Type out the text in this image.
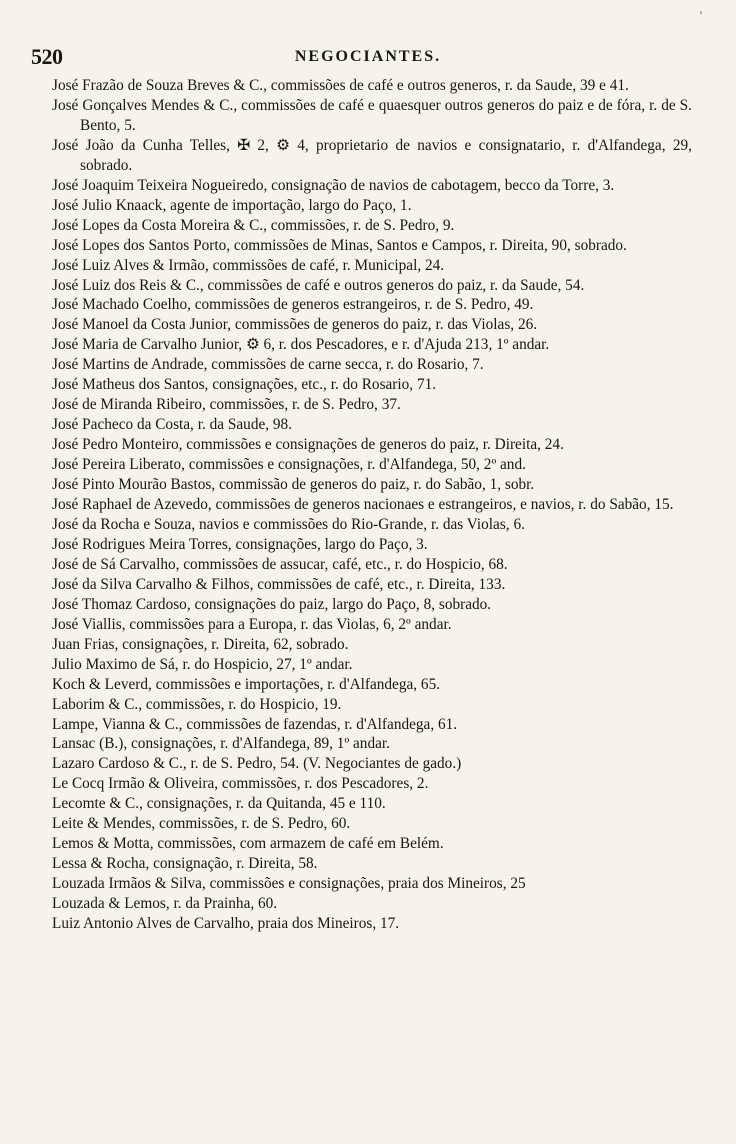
'
520	NEGOCIANTES.
José Frazão de Souza Breves & C., commissões de café e outros generos, r. da Saude, 39 e 41.
José Gonçalves Mendes & C., commissões de café e quaesquer outros generos do paiz e de fóra, r. de S. Bento, 5.
José João da Cunha Telles, ✠ 2, ⚙ 4, proprietario de navios e consignatario, r. d'Alfandega, 29, sobrado.
José Joaquim Teixeira Nogueiredo, consignação de navios de cabotagem, becco da Torre, 3.
José Julio Knaack, agente de importação, largo do Paço, 1.
José Lopes da Costa Moreira & C., commissões, r. de S. Pedro, 9.
José Lopes dos Santos Porto, commissões de Minas, Santos e Campos, r. Direita, 90, sobrado.
José Luiz Alves & Irmão, commissões de café, r. Municipal, 24.
José Luiz dos Reis & C., commissões de café e outros generos do paiz, r. da Saude, 54.
José Machado Coelho, commissões de generos estrangeiros, r. de S. Pedro, 49.
José Manoel da Costa Junior, commissões de generos do paiz, r. das Violas, 26.
José Maria de Carvalho Junior, ⚙ 6, r. dos Pescadores, e r. d'Ajuda 213, 1º andar.
José Martins de Andrade, commissões de carne secca, r. do Rosario, 7.
José Matheus dos Santos, consignações, etc., r. do Rosario, 71.
José de Miranda Ribeiro, commissões, r. de S. Pedro, 37.
José Pacheco da Costa, r. da Saude, 98.
José Pedro Monteiro, commissões e consignações de generos do paiz, r. Direita, 24.
José Pereira Liberato, commissões e consignações, r. d'Alfandega, 50, 2º and.
José Pinto Mourão Bastos, commissão de generos do paiz, r. do Sabão, 1, sobr.
José Raphael de Azevedo, commissões de generos nacionaes e estrangeiros, e navios, r. do Sabão, 15.
José da Rocha e Souza, navios e commissões do Rio-Grande, r. das Violas, 6.
José Rodrigues Meira Torres, consignações, largo do Paço, 3.
José de Sá Carvalho, commissões de assucar, café, etc., r. do Hospicio, 68.
José da Silva Carvalho & Filhos, commissões de café, etc., r. Direita, 133.
José Thomaz Cardoso, consignações do paiz, largo do Paço, 8, sobrado.
José Viallis, commissões para a Europa, r. das Violas, 6, 2º andar.
Juan Frias, consignações, r. Direita, 62, sobrado.
Julio Maximo de Sá, r. do Hospicio, 27, 1º andar.
Koch & Leverd, commissões e importações, r. d'Alfandega, 65.
Laborim & C., commissões, r. do Hospicio, 19.
Lampe, Vianna & C., commissões de fazendas, r. d'Alfandega, 61.
Lansac (B.), consignações, r. d'Alfandega, 89, 1º andar.
Lazaro Cardoso & C., r. de S. Pedro, 54. (V. Negociantes de gado.)
Le Cocq Irmão & Oliveira, commissões, r. dos Pescadores, 2.
Lecomte & C., consignações, r. da Quitanda, 45 e 110.
Leite & Mendes, commissões, r. de S. Pedro, 60.
Lemos & Motta, commissões, com armazem de café em Belém.
Lessa & Rocha, consignação, r. Direita, 58.
Louzada Irmãos & Silva, commissões e consignações, praia dos Mineiros, 25
Louzada & Lemos, r. da Prainha, 60.
Luiz Antonio Alves de Carvalho, praia dos Mineiros, 17.
